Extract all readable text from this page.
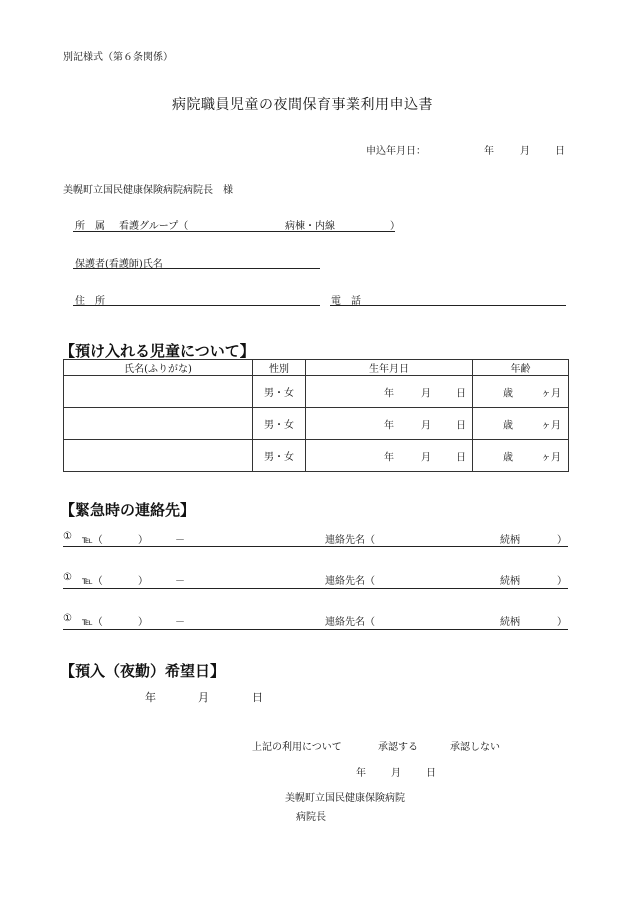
別記様式（第６条関係）
病院職員児童の夜間保育事業利用申込書
申込年月日：	年	月	日
美幌町立国民健康保険病院病院長　様
所　属 看護グループ（	病棟・内線	）
保護者(看護師)氏名
住　所	電　話
【預け入れる児童について】
氏名(ふりがな)	性別	生年月日	年齢
	男・女	年 月 日	歳 ヶ月

	男・女	年 月 日	歳 ヶ月

	男・女	年 月 日	歳 ヶ月
【緊急時の連絡先】
① ℡（	）	－	連絡先名（	続柄	）
① ℡（	）	－	連絡先名（	続柄	）
① ℡（	）	－	連絡先名（	続柄	）
【預入（夜勤）希望日】
年	月	日
上記の利用について	承認する	承認しない
年	月	日
美幌町立国民健康保険病院
病院長
